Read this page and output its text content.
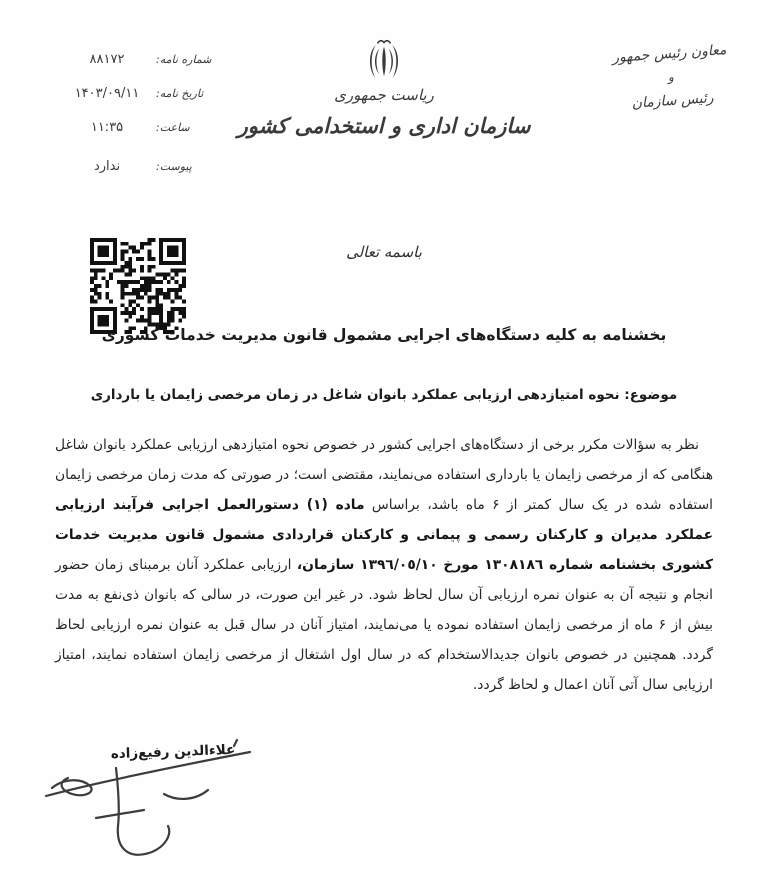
معاون رئیس جمهور
و
رئیس سازمان
ریاست جمهوری
سازمان اداری و استخدامی کشور
شماره نامه:
۸۸۱۷۲
تاریخ نامه:
۱۴۰۳/۰۹/۱۱
ساعت:
۱۱:۳۵
پیوست:
ندارد
باسمه تعالی
بخشنامه به کلیه دستگاه‌های اجرایی مشمول قانون مدیریت خدمات کشوری
موضوع: نحوه امتیازدهی ارزیابی عملکرد بانوان شاغل در زمان مرخصی زایمان یا بارداری

نظر به سؤالات مکرر برخی از دستگاه‌های اجرایی کشور در خصوص نحوه امتیازدهی ارزیابی عملکرد بانوان شاغل هنگامی که از مرخصی زایمان یا بارداری استفاده می‌نمایند، مقتضی است؛ در صورتی که مدت زمان مرخصی زایمان استفاده شده در یک سال کمتر از ۶ ماه باشد، براساس ماده (۱) دستورالعمل اجرایی فرآیند ارزیابی عملکرد مدیران و کارکنان رسمی و پیمانی و کارکنان قراردادی مشمول قانون مدیریت خدمات کشوری بخشنامه شماره ١٣٠٨١٨٦ مورخ ١٣٩٦/٠٥/١٠ سازمان، ارزیابی عملکرد آنان برمبنای زمان حضور انجام و نتیجه آن به عنوان نمره ارزیابی آن سال لحاظ شود. در غیر این صورت، در سالی که بانوان ذی‌نفع به مدت بیش از ۶ ماه از مرخصی زایمان استفاده نموده یا می‌نمایند، امتیاز آنان در سال قبل به عنوان نمره ارزیابی لحاظ گردد. همچنین در خصوص بانوان جدیدالاستخدام که در سال اول اشتغال از مرخصی زایمان استفاده نمایند، امتیاز ارزیابی سال آتی آنان اعمال و لحاظ گردد.

علاءالدین رفیع‌زاده
